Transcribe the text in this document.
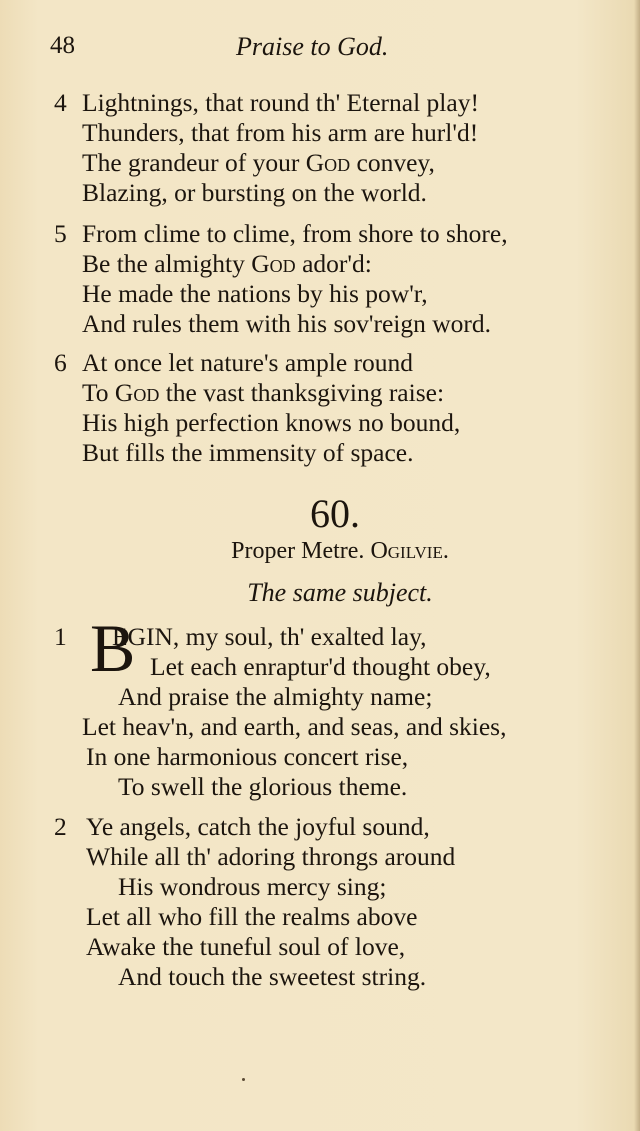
48	Praise to God.
4 Lightnings, that round th' Eternal play!
Thunders, that from his arm are hurl'd!
The grandeur of your God convey,
Blazing, or bursting on the world.
5 From clime to clime, from shore to shore,
Be the almighty God ador'd:
He made the nations by his pow'r,
And rules them with his sov'reign word.
6 At once let nature's ample round
To God the vast thanksgiving raise:
His high perfection knows no bound,
But fills the immensity of space.
60.
Proper Metre. Ogilvie.
The same subject.
1 B
EGIN, my soul, th' exalted lay,
Let each enraptur'd thought obey,
And praise the almighty name;
Let heav'n, and earth, and seas, and skies,
In one harmonious concert rise,
To swell the glorious theme.
2 Ye angels, catch the joyful sound,
While all th' adoring throngs around
His wondrous mercy sing;
Let all who fill the realms above
Awake the tuneful soul of love,
And touch the sweetest string.
